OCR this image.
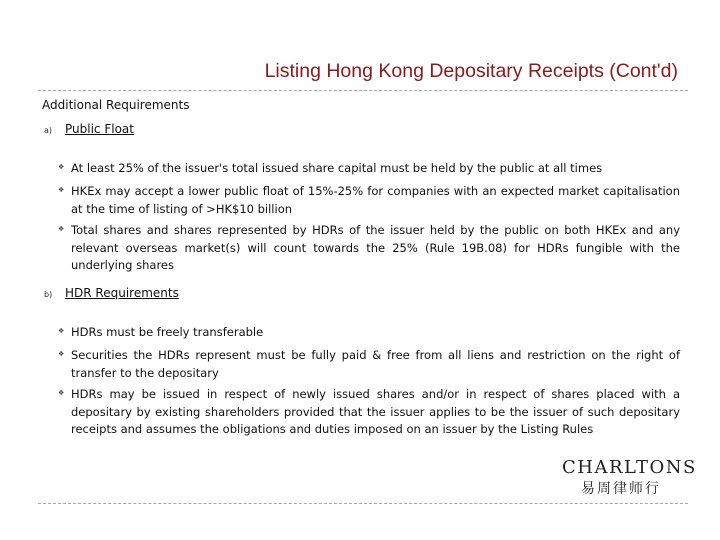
Listing Hong Kong Depositary Receipts (Cont'd)
Additional Requirements
a) Public Float
❖ At least 25% of the issuer's total issued share capital must be held by the public at all times
❖ HKEx may accept a lower public float of 15%-25% for companies with an expected market capitalisation at the time of listing of >HK$10 billion
❖ Total shares and shares represented by HDRs of the issuer held by the public on both HKEx and any relevant overseas market(s) will count towards the 25% (Rule 19B.08) for HDRs fungible with the underlying shares
b) HDR Requirements
❖ HDRs must be freely transferable
❖ Securities the HDRs represent must be fully paid & free from all liens and restriction on the right of transfer to the depositary
❖ HDRs may be issued in respect of newly issued shares and/or in respect of shares placed with a depositary by existing shareholders provided that the issuer applies to be the issuer of such depositary receipts and assumes the obligations and duties imposed on an issuer by the Listing Rules

CHARLTONS

易周律师行
